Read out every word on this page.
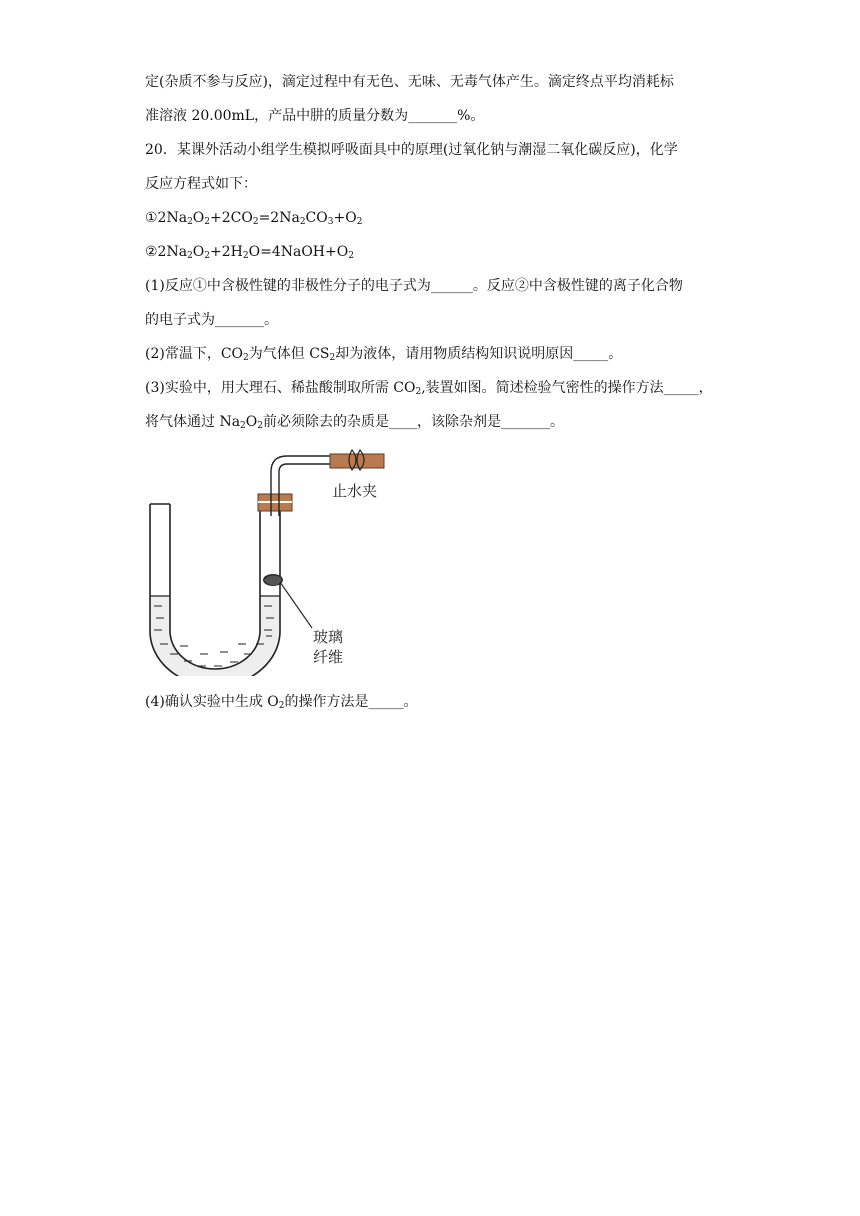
定(杂质不参与反应)，滴定过程中有无色、无味、无毒气体产生。滴定终点平均消耗标
准溶液 20.00mL，产品中肼的质量分数为_______%。
20．某课外活动小组学生模拟呼吸面具中的原理(过氧化钠与潮湿二氧化碳反应)，化学
反应方程式如下：
$①2Na_2O_2+2CO_2=2Na_2CO_3+O_2$
$②2Na_2O_2+2H_2O=4NaOH+O_2$
(1)反应①中含极性键的非极性分子的电子式为______。反应②中含极性键的离子化合物
的电子式为_______。
(2)常温下，$CO_2$为气体但 $CS_2$却为液体，请用物质结构知识说明原因_____。
(3)实验中，用大理石、稀盐酸制取所需 $CO_2$,装置如图。简述检验气密性的操作方法_____，
将气体通过 $Na_2O_2$前必须除去的杂质是____，该除杂剂是_______。
止水夹
玻璃
纤维
(4)确认实验中生成 $O_2$的操作方法是_____。
